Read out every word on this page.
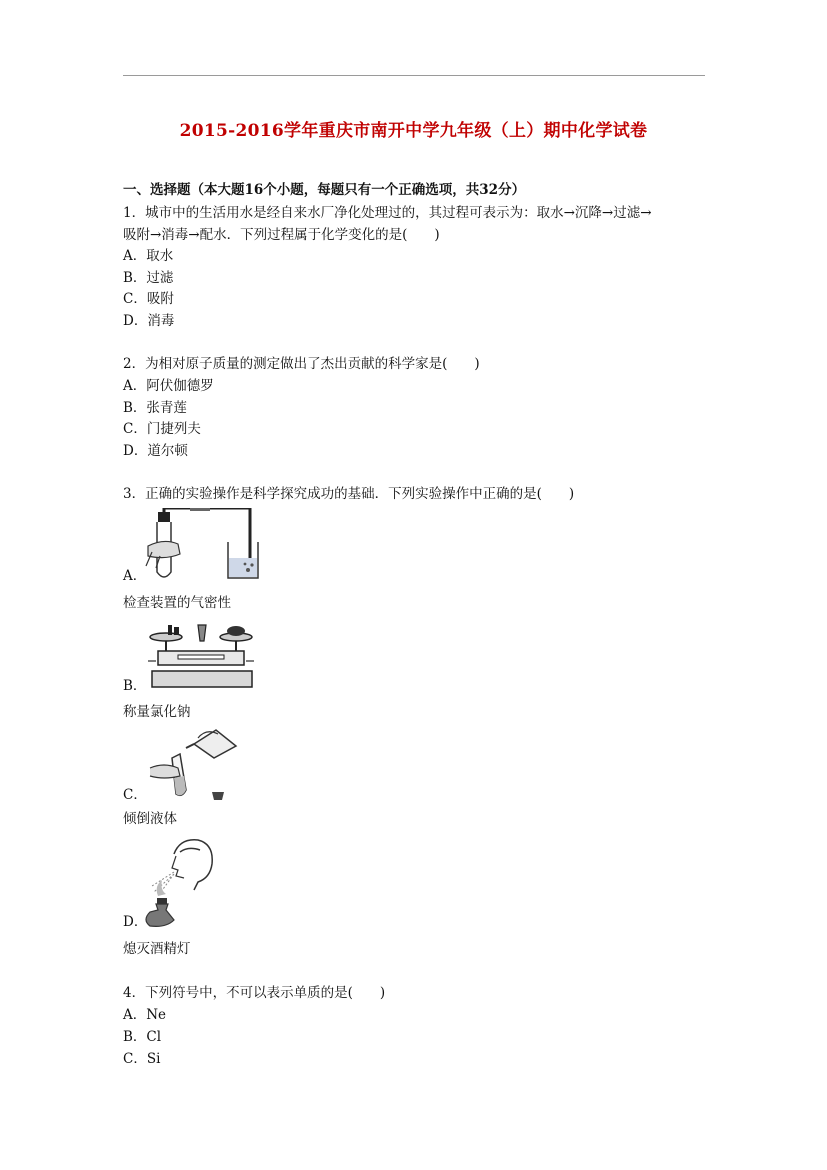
2015-2016学年重庆市南开中学九年级（上）期中化学试卷
一、选择题（本大题16个小题，每题只有一个正确选项，共32分）
1．城市中的生活用水是经自来水厂净化处理过的，其过程可表示为：取水→沉降→过滤→
吸附→消毒→配水．下列过程属于化学变化的是(　　)
A．取水
B．过滤
C．吸附
D．消毒
2．为相对原子质量的测定做出了杰出贡献的科学家是(　　)
A．阿伏伽德罗
B．张青莲
C．门捷列夫
D．道尔顿
3．正确的实验操作是科学探究成功的基础．下列实验操作中正确的是(　　)
A．
检查装置的气密性
B．
称量氯化钠
C．
倾倒液体
D．
熄灭酒精灯
4．下列符号中，不可以表示单质的是(　　)
A．Ne
B．Cl
C．Si
